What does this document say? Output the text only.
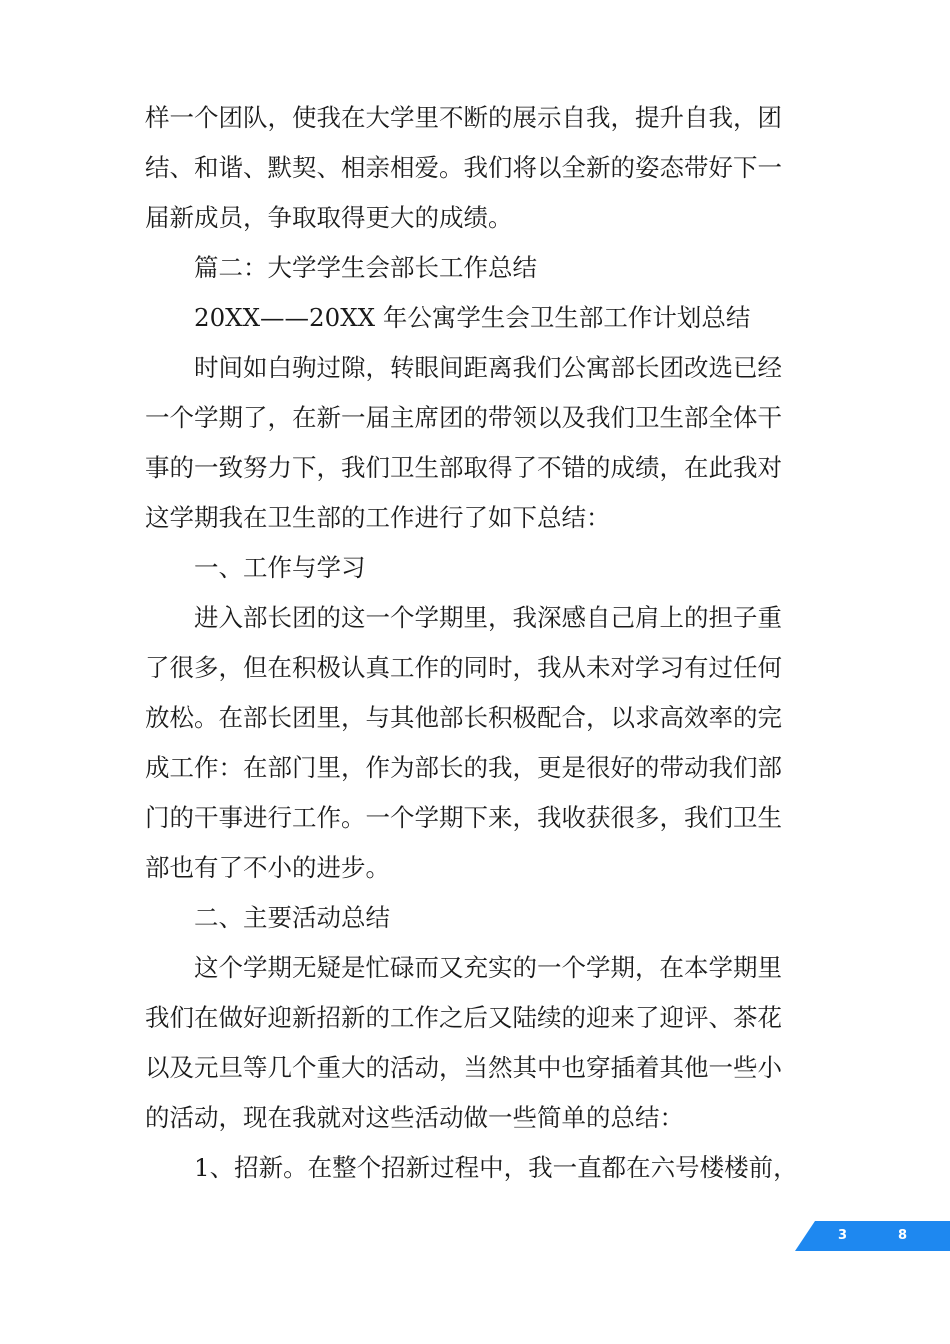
样一个团队，使我在大学里不断的展示自我，提升自我，团
结、和谐、默契、相亲相爱。我们将以全新的姿态带好下一
届新成员，争取取得更大的成绩。
篇二：大学学生会部长工作总结
20XX——20XX 年公寓学生会卫生部工作计划总结
时间如白驹过隙，转眼间距离我们公寓部长团改选已经
一个学期了，在新一届主席团的带领以及我们卫生部全体干
事的一致努力下，我们卫生部取得了不错的成绩，在此我对
这学期我在卫生部的工作进行了如下总结：
一、工作与学习
进入部长团的这一个学期里，我深感自己肩上的担子重
了很多，但在积极认真工作的同时，我从未对学习有过任何
放松。在部长团里，与其他部长积极配合，以求高效率的完
成工作：在部门里，作为部长的我，更是很好的带动我们部
门的干事进行工作。一个学期下来，我收获很多，我们卫生
部也有了不小的进步。
二、主要活动总结
这个学期无疑是忙碌而又充实的一个学期，在本学期里
我们在做好迎新招新的工作之后又陆续的迎来了迎评、茶花
以及元旦等几个重大的活动，当然其中也穿插着其他一些小
的活动，现在我就对这些活动做一些简单的总结：
1、招新。在整个招新过程中，我一直都在六号楼楼前，
3	8
